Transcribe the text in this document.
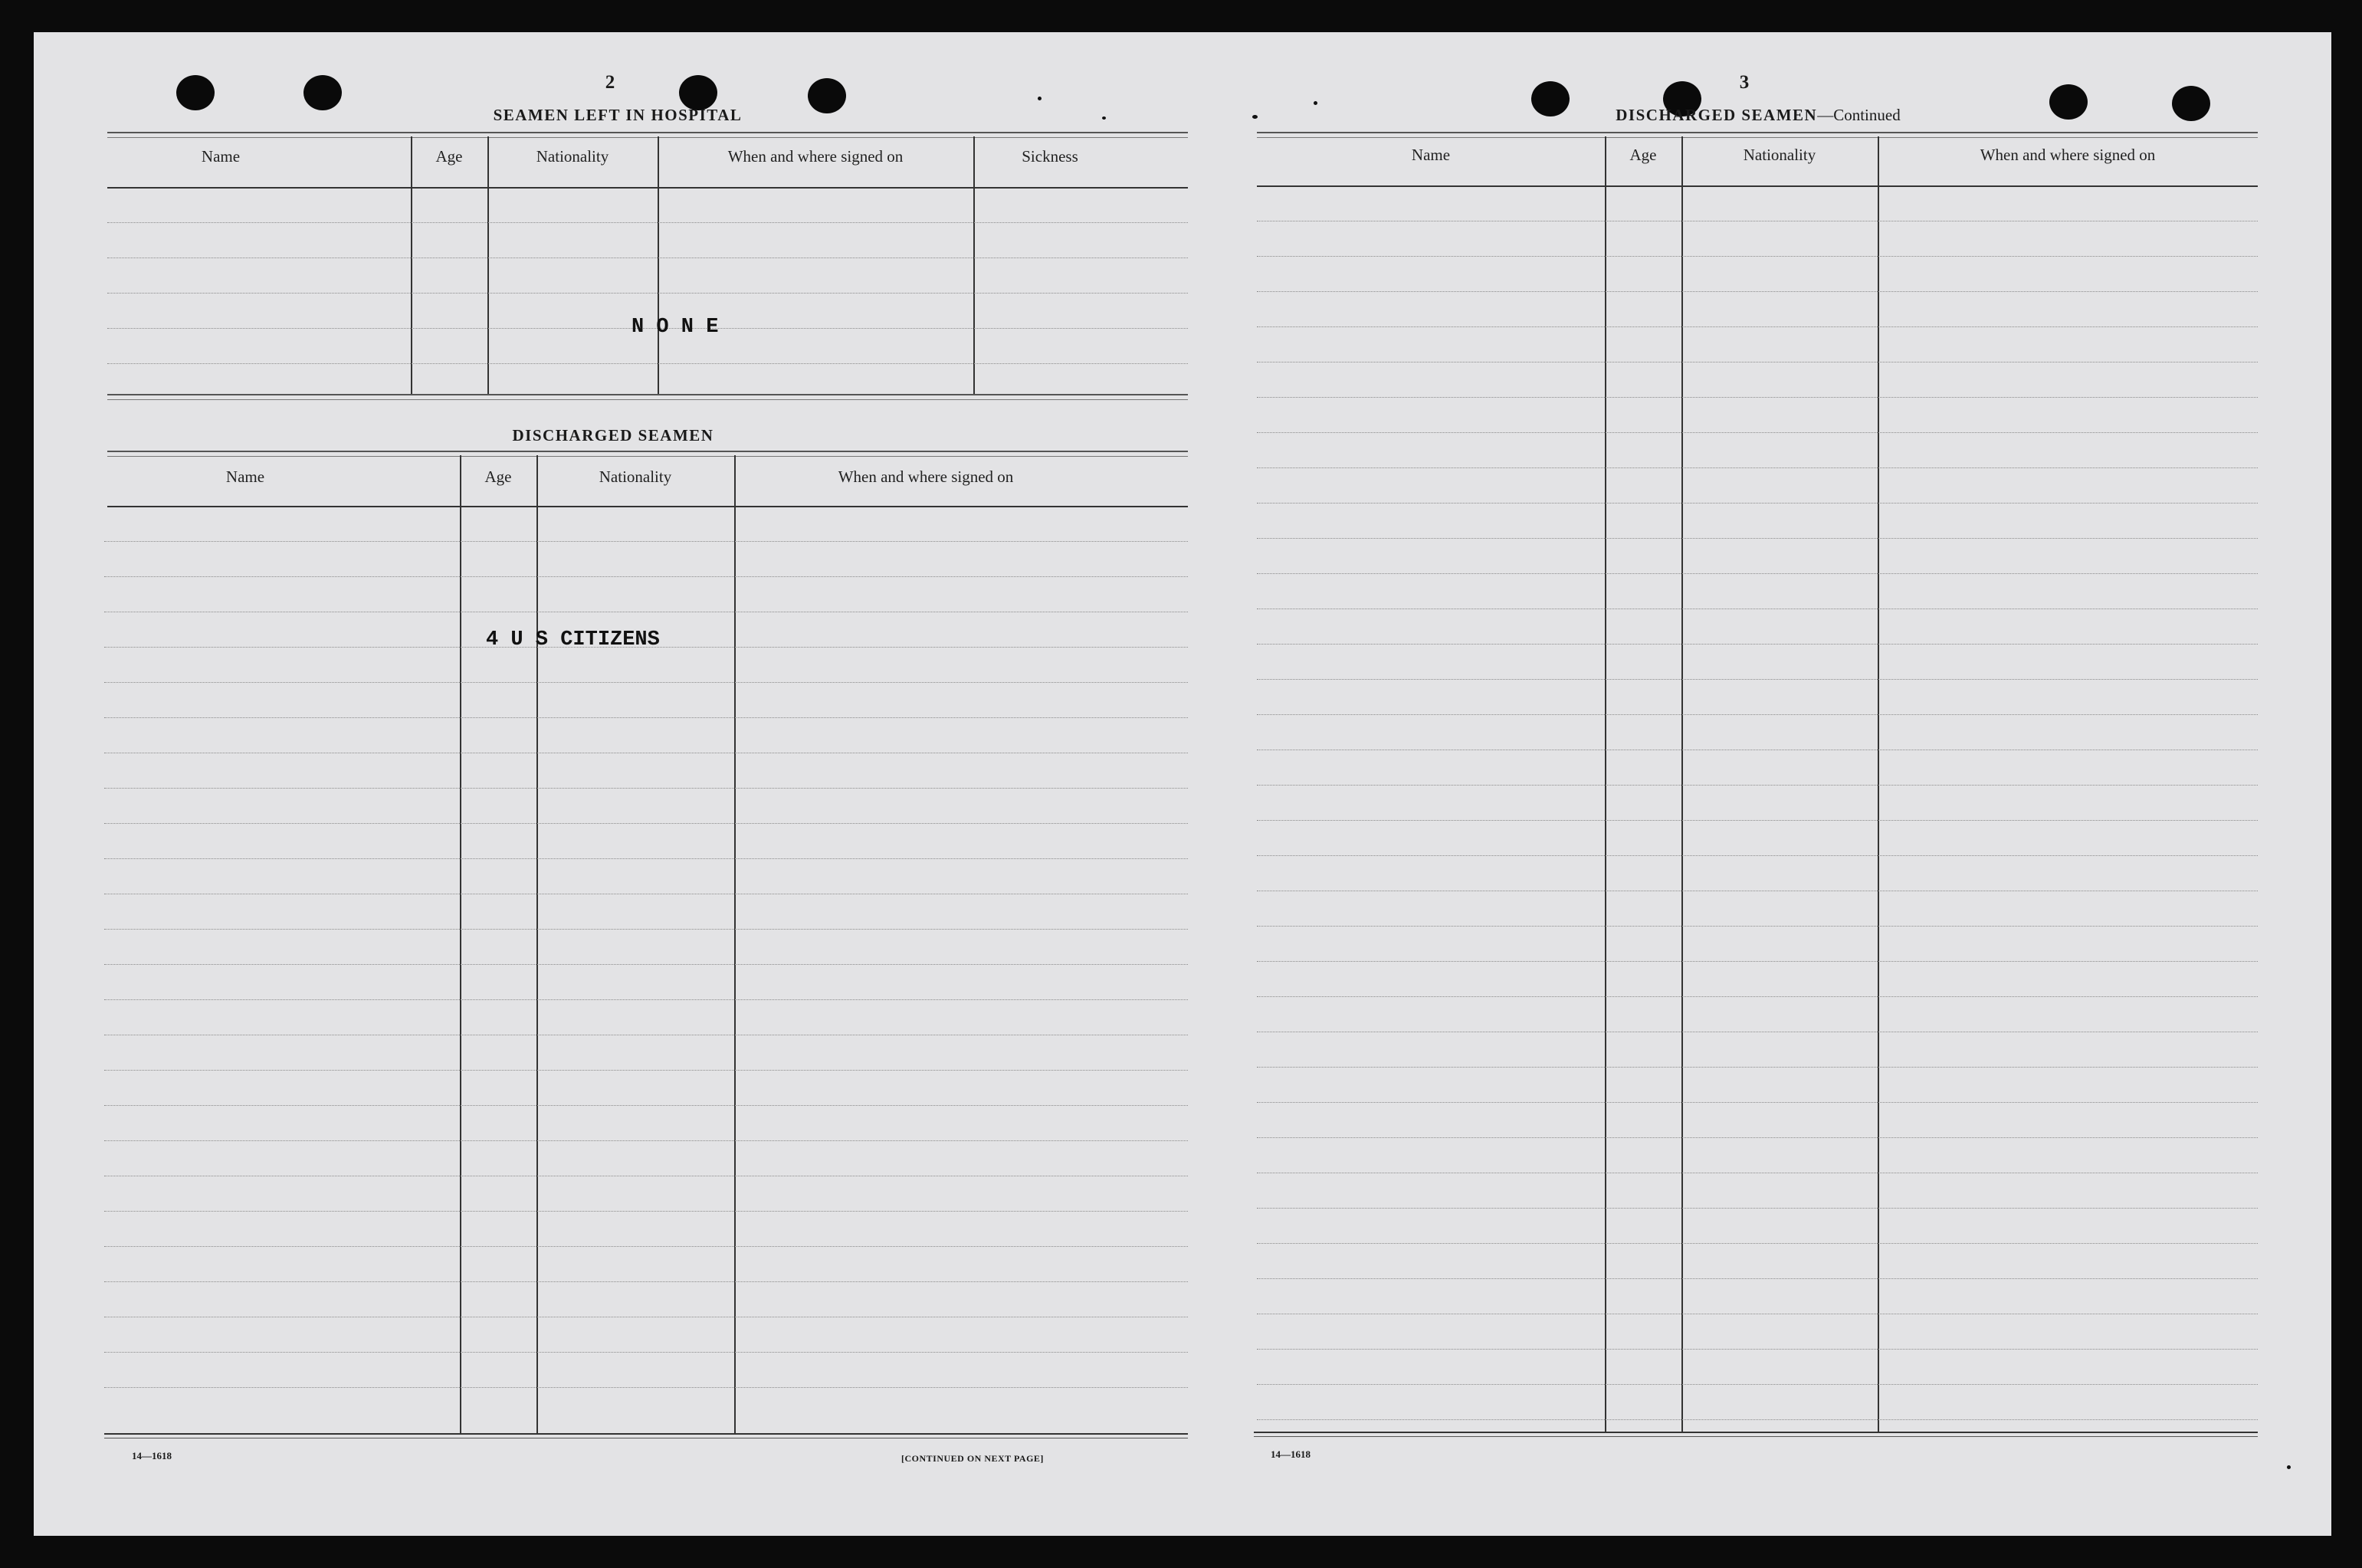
2
SEAMEN LEFT IN HOSPITAL
Name	Age	Nationality	When and where signed on	Sickness
N O N E
DISCHARGED SEAMEN
Name	Age	Nationality	When and where signed on
4 U S CITIZENS
14—1618	[CONTINUED ON NEXT PAGE]
3
DISCHARGED SEAMEN—Continued
Name	Age	Nationality	When and where signed on
14—1618
